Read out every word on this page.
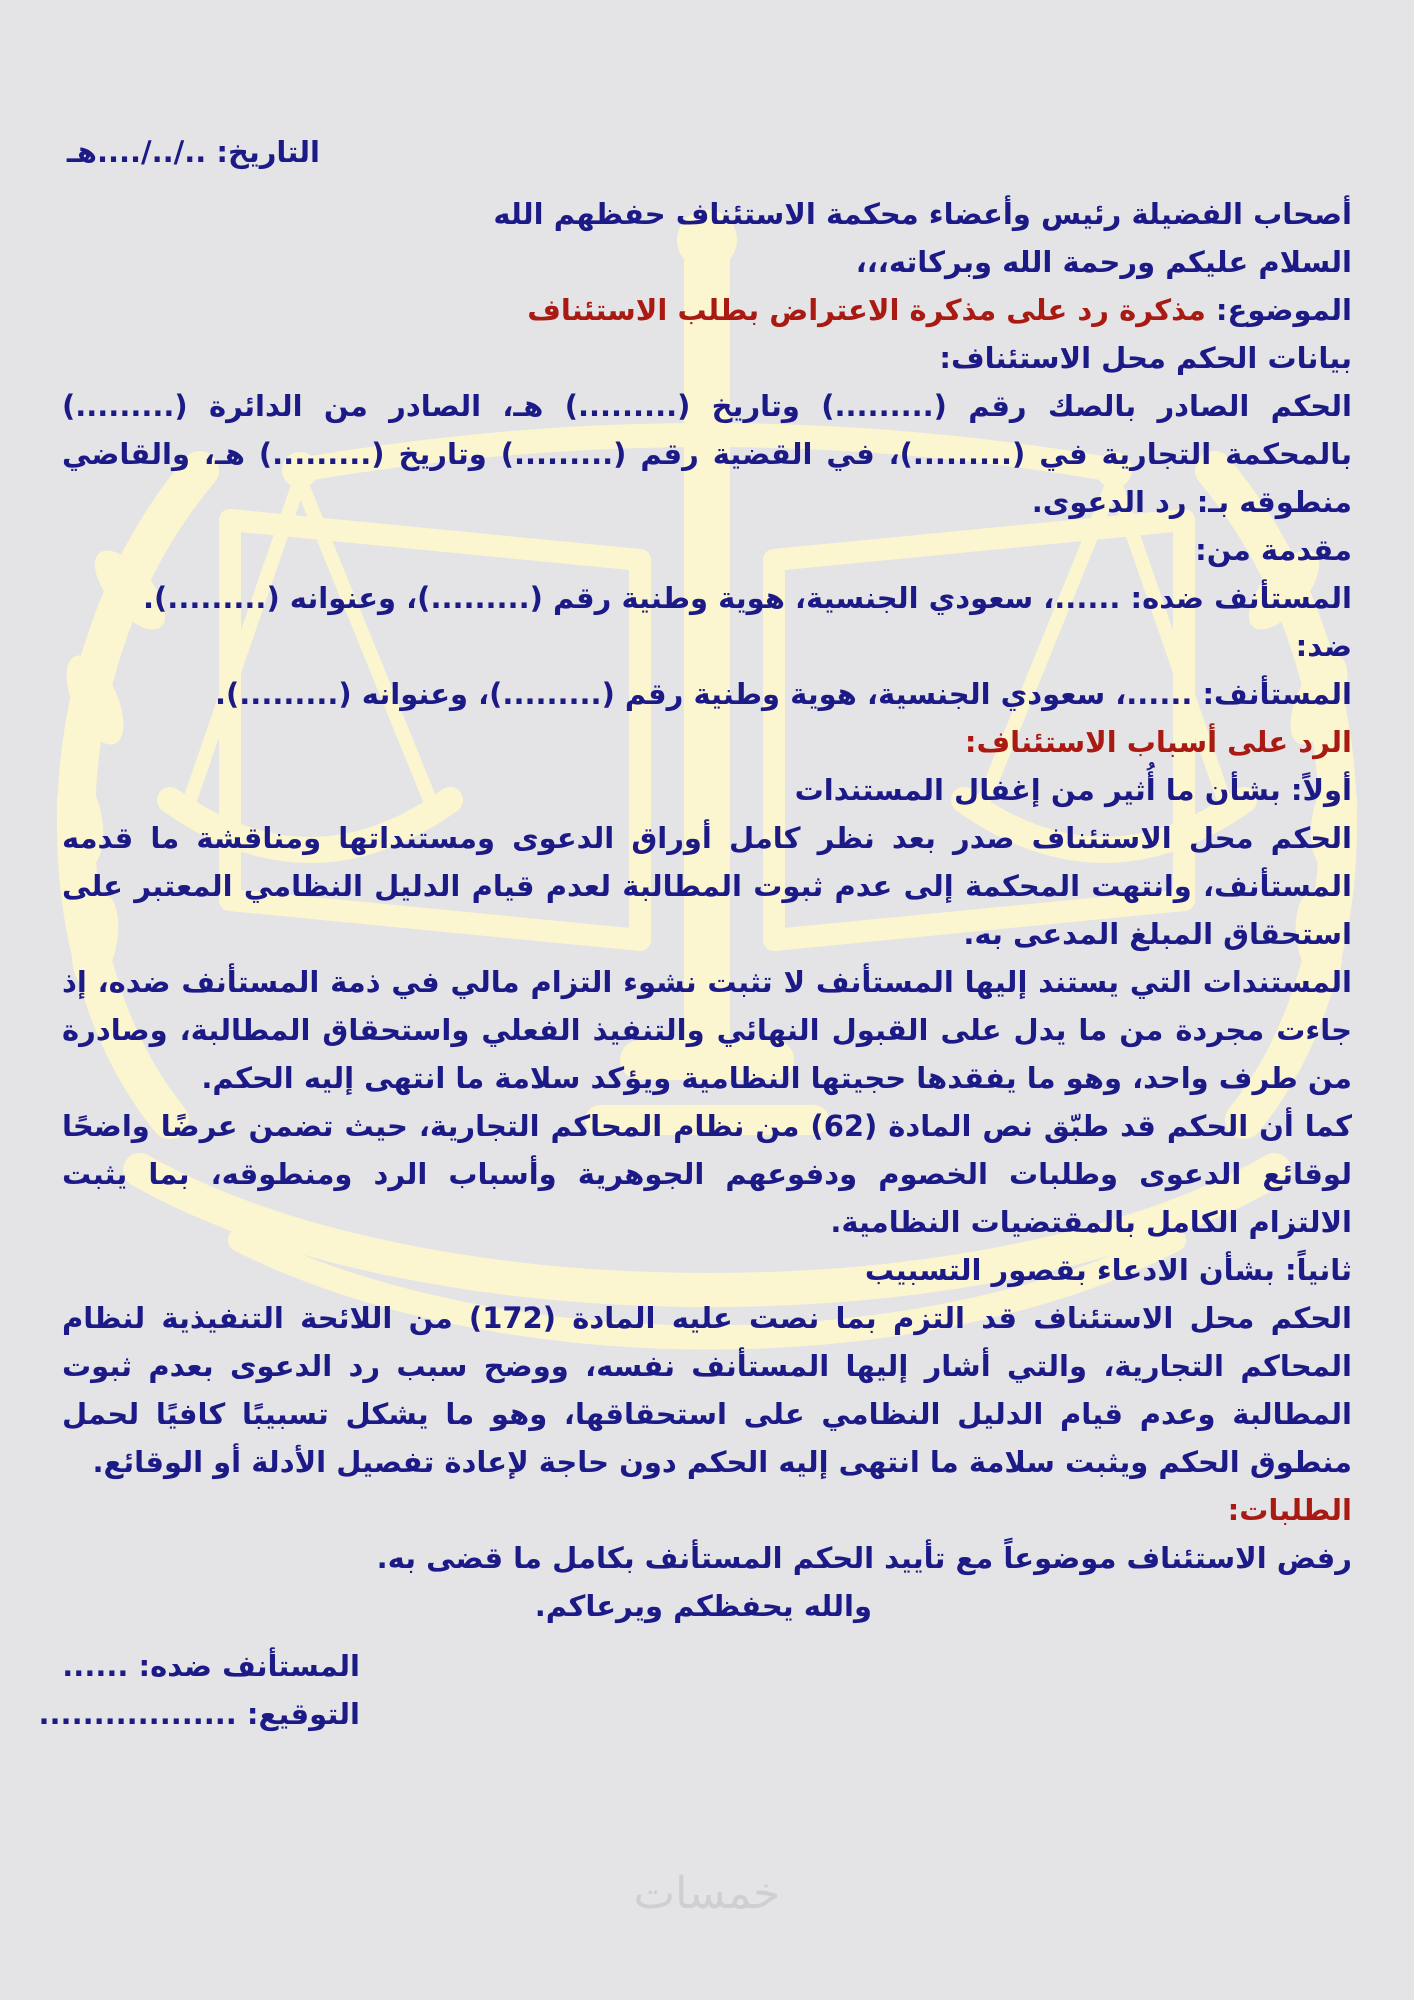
التاريخ: ../../....هـ
أصحاب الفضيلة رئيس وأعضاء محكمة الاستئناف حفظهم الله
السلام عليكم ورحمة الله وبركاته،،،
الموضوع: مذكرة رد على مذكرة الاعتراض بطلب الاستئناف
بيانات الحكم محل الاستئناف:

الحكم الصادر بالصك رقم (.........) وتاريخ (.........) هـ، الصادر من الدائرة (.........) بالمحكمة التجارية في (.........)، في القضية رقم (.........) وتاريخ (.........) هـ، والقاضي منطوقه بـ: رد الدعوى.

مقدمة من:
المستأنف ضده: ......، سعودي الجنسية، هوية وطنية رقم (.........)، وعنوانه (.........).
ضد:
المستأنف: ......، سعودي الجنسية، هوية وطنية رقم (.........)، وعنوانه (.........).
الرد على أسباب الاستئناف:
أولاً: بشأن ما أُثير من إغفال المستندات

الحكم محل الاستئناف صدر بعد نظر كامل أوراق الدعوى ومستنداتها ومناقشة ما قدمه المستأنف، وانتهت المحكمة إلى عدم ثبوت المطالبة لعدم قيام الدليل النظامي المعتبر على استحقاق المبلغ المدعى به.

المستندات التي يستند إليها المستأنف لا تثبت نشوء التزام مالي في ذمة المستأنف ضده، إذ جاءت مجردة من ما يدل على القبول النهائي والتنفيذ الفعلي واستحقاق المطالبة، وصادرة من طرف واحد، وهو ما يفقدها حجيتها النظامية ويؤكد سلامة ما انتهى إليه الحكم.

كما أن الحكم قد طبّق نص المادة (62) من نظام المحاكم التجارية، حيث تضمن عرضًا واضحًا لوقائع الدعوى وطلبات الخصوم ودفوعهم الجوهرية وأسباب الرد ومنطوقه، بما يثبت الالتزام الكامل بالمقتضيات النظامية.

ثانياً: بشأن الادعاء بقصور التسبيب

الحكم محل الاستئناف قد التزم بما نصت عليه المادة (172) من اللائحة التنفيذية لنظام المحاكم التجارية، والتي أشار إليها المستأنف نفسه، ووضح سبب رد الدعوى بعدم ثبوت المطالبة وعدم قيام الدليل النظامي على استحقاقها، وهو ما يشكل تسبيبًا كافيًا لحمل منطوق الحكم ويثبت سلامة ما انتهى إليه الحكم دون حاجة لإعادة تفصيل الأدلة أو الوقائع.

الطلبات:
رفض الاستئناف موضوعاً مع تأييد الحكم المستأنف بكامل ما قضى به.
والله يحفظكم ويرعاكم.
المستأنف ضده: ......
التوقيع: ..................
خمسات
